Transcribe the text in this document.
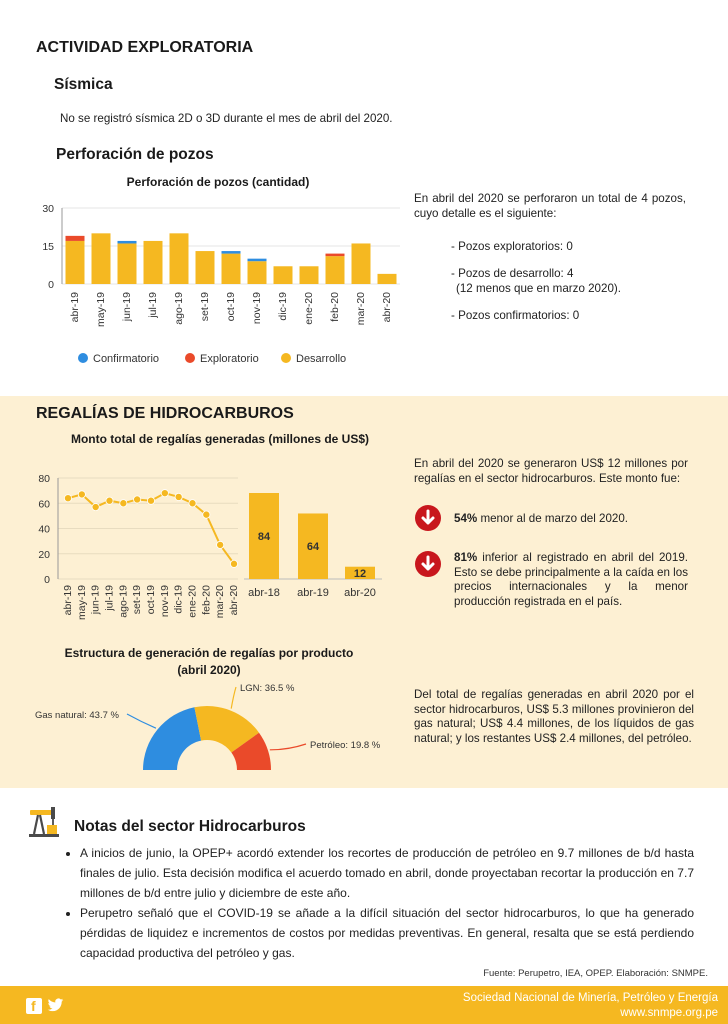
ACTIVIDAD EXPLORATORIA
Sísmica
No se registró sísmica 2D o 3D durante el mes de abril del 2020.
Perforación de pozos
Perforación de pozos (cantidad)
0
15
30
abr-19 may-19 jun-19 jul-19 ago-19 set-19 oct-19 nov-19 dic-19 ene-20 feb-20 mar-20 abr-20
Confirmatorio	Exploratorio	Desarrollo
En abril del 2020 se perforaron un total de 4 pozos, cuyo detalle es el siguiente:
- Pozos exploratorios: 0
- Pozos de desarrollo: 4
(12 menos que en marzo 2020).
- Pozos confirmatorios: 0
REGALÍAS DE HIDROCARBUROS
Monto total de regalías generadas (millones de US$)
0
20
40
60
80
abr-19 may-19 jun-19 jul-19 ago-19 set-19 oct-19 nov-19 dic-19 ene-20 feb-20 mar-20 abr-20
84
abr-18
64
abr-19
12
abr-20
En abril del 2020 se generaron US$ 12 millones por regalías en el sector hidrocarburos. Este monto fue:
54% menor al de marzo del 2020.
81% inferior al registrado en abril del 2019. Esto se debe principalmente a la caída en los precios internacionales y la menor producción registrada en el país.
Estructura de generación de regalías por producto
(abril 2020)
Gas natural: 43.7 %
LGN: 36.5 %
Petróleo: 19.8 %
Del total de regalías generadas en abril 2020 por el sector hidrocarburos, US$ 5.3 millones provinieron del gas natural; US$ 4.4 millones, de los líquidos de gas natural; y los restantes US$ 2.4 millones, del petróleo.
Notas del sector Hidrocarburos
• A inicios de junio, la OPEP+ acordó extender los recortes de producción de petróleo en 9.7 millones de b/d hasta finales de julio. Esta decisión modifica el acuerdo tomado en abril, donde proyectaban recortar la producción en 7.7 millones de b/d entre julio y diciembre de este año.
• Perupetro señaló que el COVID-19 se añade a la difícil situación del sector hidrocarburos, lo que ha generado pérdidas de liquidez e incrementos de costos por medidas preventivas. En general, resalta que se está perdiendo capacidad productiva del petróleo y gas.
Fuente: Perupetro, IEA, OPEP. Elaboración: SNMPE.
f	Sociedad Nacional de Minería, Petróleo y Energía
www.snmpe.org.pe
